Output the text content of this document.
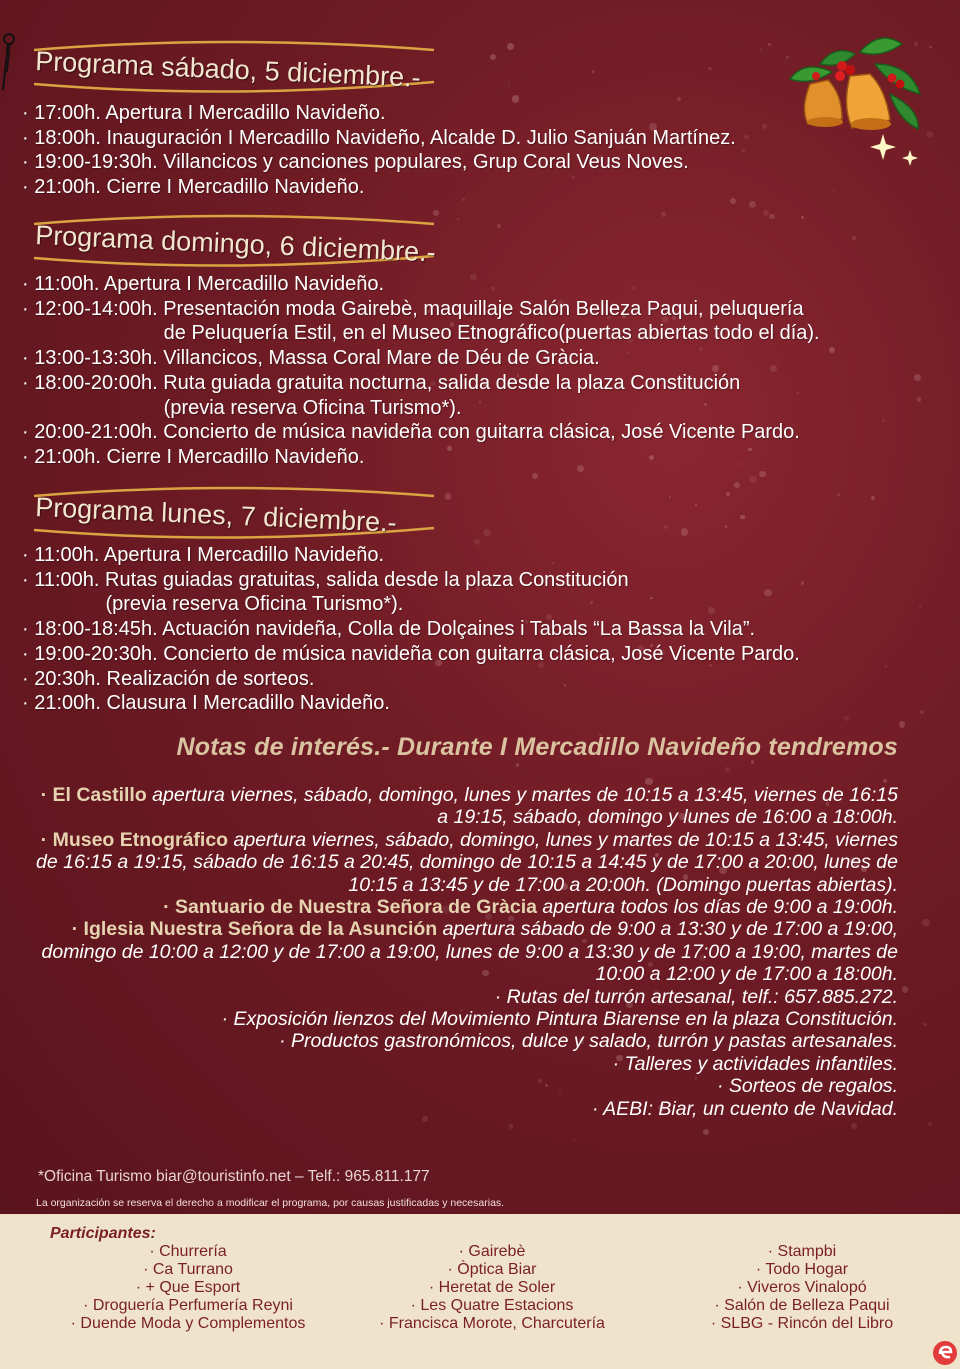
Programa sábado, 5 diciembre.-
· 17:00h. Apertura I Mercadillo Navideño.
· 18:00h. Inauguración I Mercadillo Navideño, Alcalde D. Julio Sanjuán Martínez.
· 19:00-19:30h. Villancicos y canciones populares, Grup Coral Veus Noves.
· 21:00h. Cierre I Mercadillo Navideño.
Programa domingo, 6 diciembre.-
· 11:00h. Apertura I Mercadillo Navideño.
· 12:00-14:00h. Presentación moda Gairebè, maquillaje Salón Belleza Paqui, peluquería
de Peluquería Estil, en el Museo Etnográfico(puertas abiertas todo el día).
· 13:00-13:30h. Villancicos, Massa Coral Mare de Déu de Gràcia.
· 18:00-20:00h. Ruta guiada gratuita nocturna, salida desde la plaza Constitución
(previa reserva Oficina Turismo*).
· 20:00-21:00h. Concierto de música navideña con guitarra clásica, José Vicente Pardo.
· 21:00h. Cierre I Mercadillo Navideño.
Programa lunes, 7 diciembre.-
· 11:00h. Apertura I Mercadillo Navideño.
· 11:00h. Rutas guiadas gratuitas, salida desde la plaza Constitución
(previa reserva Oficina Turismo*).
· 18:00-18:45h. Actuación navideña, Colla de Dolçaines i Tabals “La Bassa la Vila”.
· 19:00-20:30h. Concierto de música navideña con guitarra clásica, José Vicente Pardo.
· 20:30h. Realización de sorteos.
· 21:00h. Clausura I Mercadillo Navideño.
Notas de interés.- Durante I Mercadillo Navideño tendremos

· El Castillo apertura viernes, sábado, domingo, lunes y martes de 10:15 a 13:45, viernes de 16:15 a 19:15, sábado, domingo y lunes de 16:00 a 18:00h.

· Museo Etnográfico apertura viernes, sábado, domingo, lunes y martes de 10:15 a 13:45, viernes de 16:15 a 19:15, sábado de 16:15 a 20:45, domingo de 10:15 a 14:45 y de 17:00 a 20:00, lunes de 10:15 a 13:45 y de 17:00 a 20:00h. (Domingo puertas abiertas).

· Santuario de Nuestra Señora de Gràcia apertura todos los días de 9:00 a 19:00h.

· Iglesia Nuestra Señora de la Asunción apertura sábado de 9:00 a 13:30 y de 17:00 a 19:00, domingo de 10:00 a 12:00 y de 17:00 a 19:00, lunes de 9:00 a 13:30 y de 17:00 a 19:00, martes de 10:00 a 12:00 y de 17:00 a 18:00h.

· Rutas del turrón artesanal, telf.: 657.885.272.

· Exposición lienzos del Movimiento Pintura Biarense en la plaza Constitución.

· Productos gastronómicos, dulce y salado, turrón y pastas artesanales.

· Talleres y actividades infantiles.

· Sorteos de regalos.

· AEBI: Biar, un cuento de Navidad.

*Oficina Turismo biar@touristinfo.net – Telf.: 965.811.177
La organización se reserva el derecho a modificar el programa, por causas justificadas y necesarias.
Participantes:
· Churrería
· Ca Turrano
· + Que Esport
· Droguería Perfumería Reyni
· Duende Moda y Complementos
· Gairebè
· Òptica Biar
· Heretat de Soler
· Les Quatre Estacions
· Francisca Morote, Charcutería
· Stampbi
· Todo Hogar
· Viveros Vinalopó
· Salón de Belleza Paqui
· SLBG - Rincón del Libro
